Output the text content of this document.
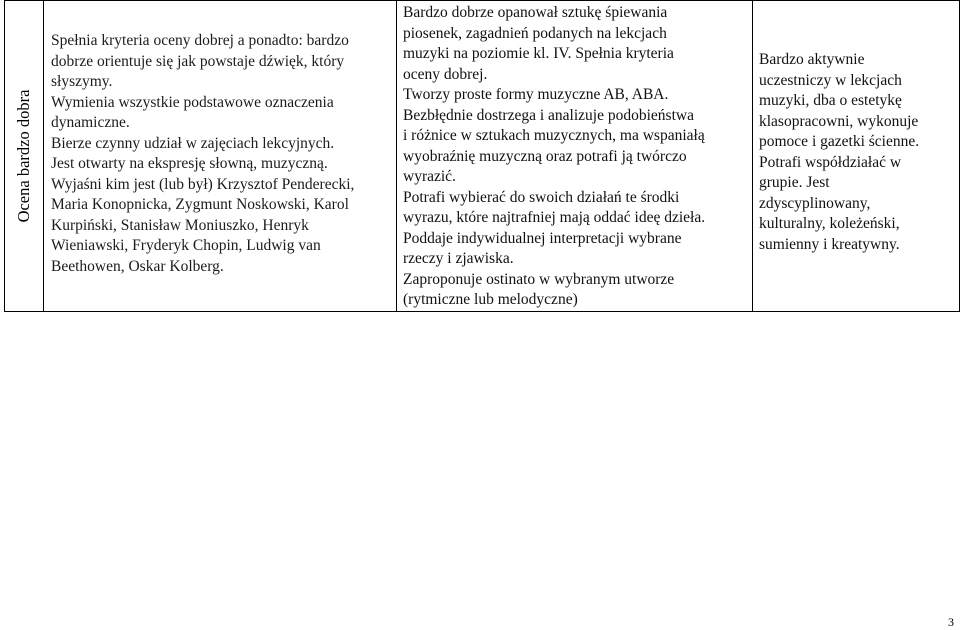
Ocena bardzo dobra

Spełnia kryteria oceny dobrej a ponadto: bardzo
dobrze orientuje się jak powstaje dźwięk, który
słyszymy.
Wymienia wszystkie podstawowe oznaczenia
dynamiczne.
Bierze czynny udział w zajęciach lekcyjnych.
Jest otwarty na ekspresję słowną, muzyczną.
Wyjaśni kim jest (lub był) Krzysztof Penderecki,
Maria Konopnicka, Zygmunt Noskowski, Karol
Kurpiński, Stanisław Moniuszko, Henryk
Wieniawski, Fryderyk Chopin, Ludwig van
Beethowen, Oskar Kolberg.

Bardzo dobrze opanował sztukę śpiewania
piosenek, zagadnień podanych na lekcjach
muzyki na poziomie kl. IV. Spełnia kryteria
oceny dobrej.
Tworzy proste formy muzyczne AB, ABA.
Bezbłędnie dostrzega i analizuje podobieństwa
i różnice w sztukach muzycznych, ma wspaniałą
wyobraźnię muzyczną oraz potrafi ją twórczo
wyrazić.
Potrafi wybierać do swoich działań te środki
wyrazu, które najtrafniej mają oddać ideę dzieła.
Poddaje indywidualnej interpretacji wybrane
rzeczy i zjawiska.
Zaproponuje ostinato w wybranym utworze
(rytmiczne lub melodyczne)

Bardzo aktywnie
uczestniczy w lekcjach
muzyki, dba o estetykę
klasopracowni, wykonuje
pomoce i gazetki ścienne.
Potrafi współdziałać w
grupie. Jest
zdyscyplinowany,
kulturalny, koleżeński,
sumienny i kreatywny.
3
